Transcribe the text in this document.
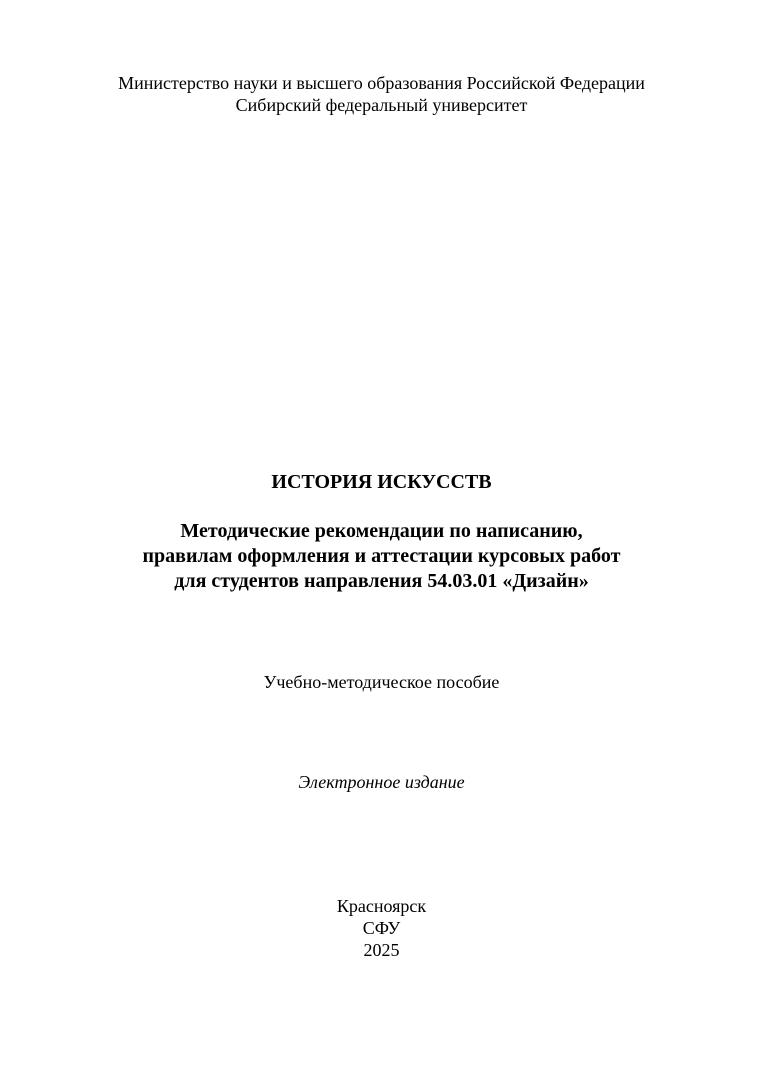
Министерство науки и высшего образования Российской Федерации
Сибирский федеральный университет
ИСТОРИЯ ИСКУССТВ
Методические рекомендации по написанию,
правилам оформления и аттестации курсовых работ
для студентов направления 54.03.01 «Дизайн»
Учебно-методическое пособие
Электронное издание
Красноярск
СФУ
2025
